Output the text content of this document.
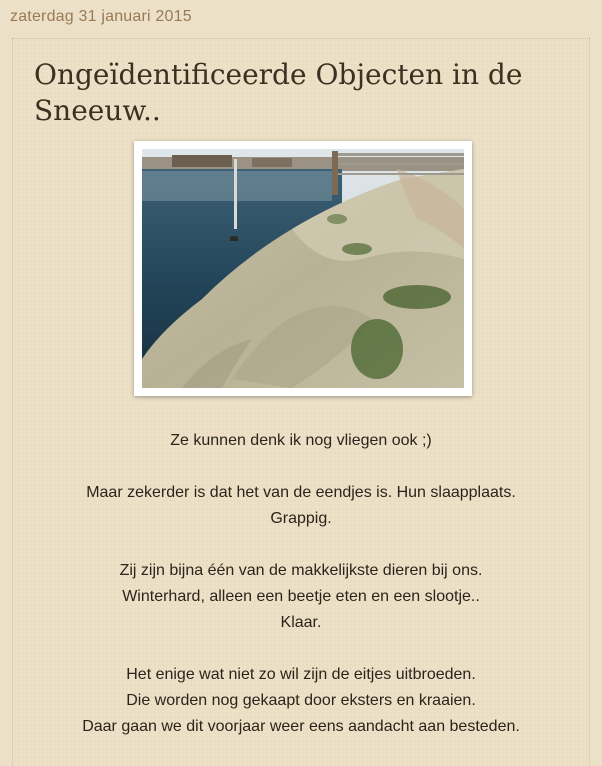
zaterdag 31 januari 2015
Ongeïdentificeerde Objecten in de Sneeuw..

Ze kunnen denk ik nog vliegen ook ;)

Maar zekerder is dat het van de eendjes is. Hun slaapplaats.
Grappig.

Zij zijn bijna één van de makkelijkste dieren bij ons.
Winterhard, alleen een beetje eten en een slootje..
Klaar.

Het enige wat niet zo wil zijn de eitjes uitbroeden.
Die worden nog gekaapt door eksters en kraaien.
Daar gaan we dit voorjaar weer eens aandacht aan besteden.
